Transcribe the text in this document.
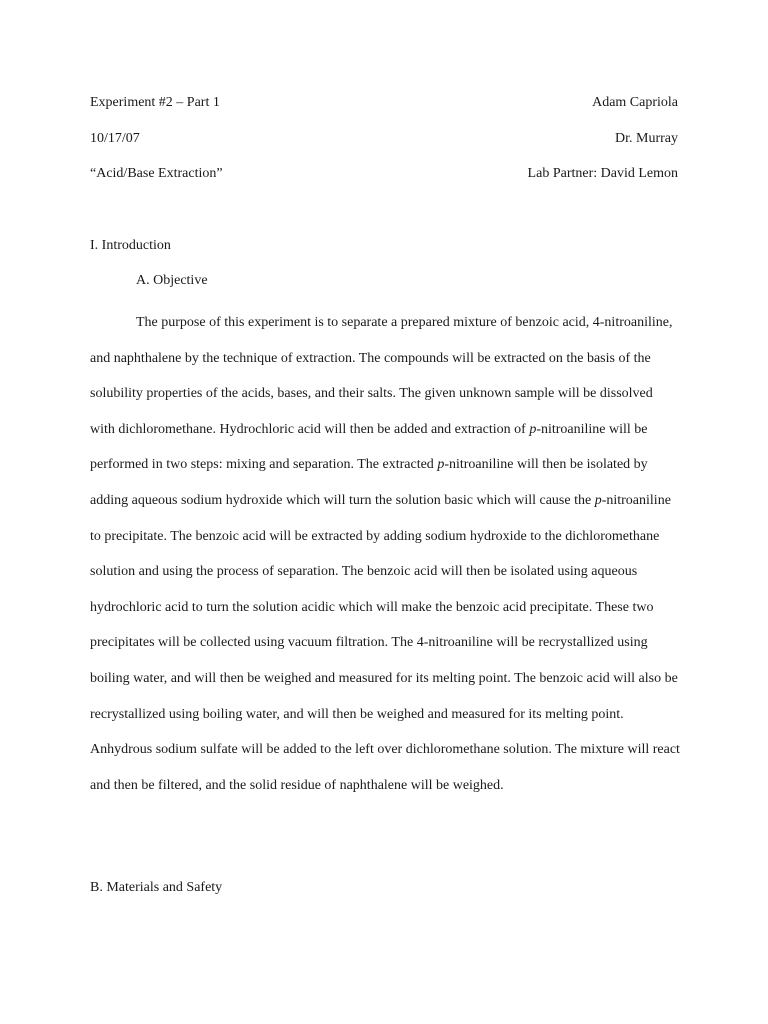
Experiment #2 – Part 1	Adam Capriola
10/17/07	Dr. Murray
“Acid/Base Extraction”	Lab Partner: David Lemon
I. Introduction
A. Objective

The purpose of this experiment is to separate a prepared mixture of benzoic acid, 4-nitroaniline, and naphthalene by the technique of extraction. The compounds will be extracted on the basis of the solubility properties of the acids, bases, and their salts. The given unknown sample will be dissolved with dichloromethane. Hydrochloric acid will then be added and extraction of p-nitroaniline will be performed in two steps: mixing and separation. The extracted p-nitroaniline will then be isolated by adding aqueous sodium hydroxide which will turn the solution basic which will cause the p-nitroaniline to precipitate. The benzoic acid will be extracted by adding sodium hydroxide to the dichloromethane solution and using the process of separation. The benzoic acid will then be isolated using aqueous hydrochloric acid to turn the solution acidic which will make the benzoic acid precipitate. These two precipitates will be collected using vacuum filtration. The 4-nitroaniline will be recrystallized using boiling water, and will then be weighed and measured for its melting point. The benzoic acid will also be recrystallized using boiling water, and will then be weighed and measured for its melting point. Anhydrous sodium sulfate will be added to the left over dichloromethane solution. The mixture will react and then be filtered, and the solid residue of naphthalene will be weighed.

B. Materials and Safety
